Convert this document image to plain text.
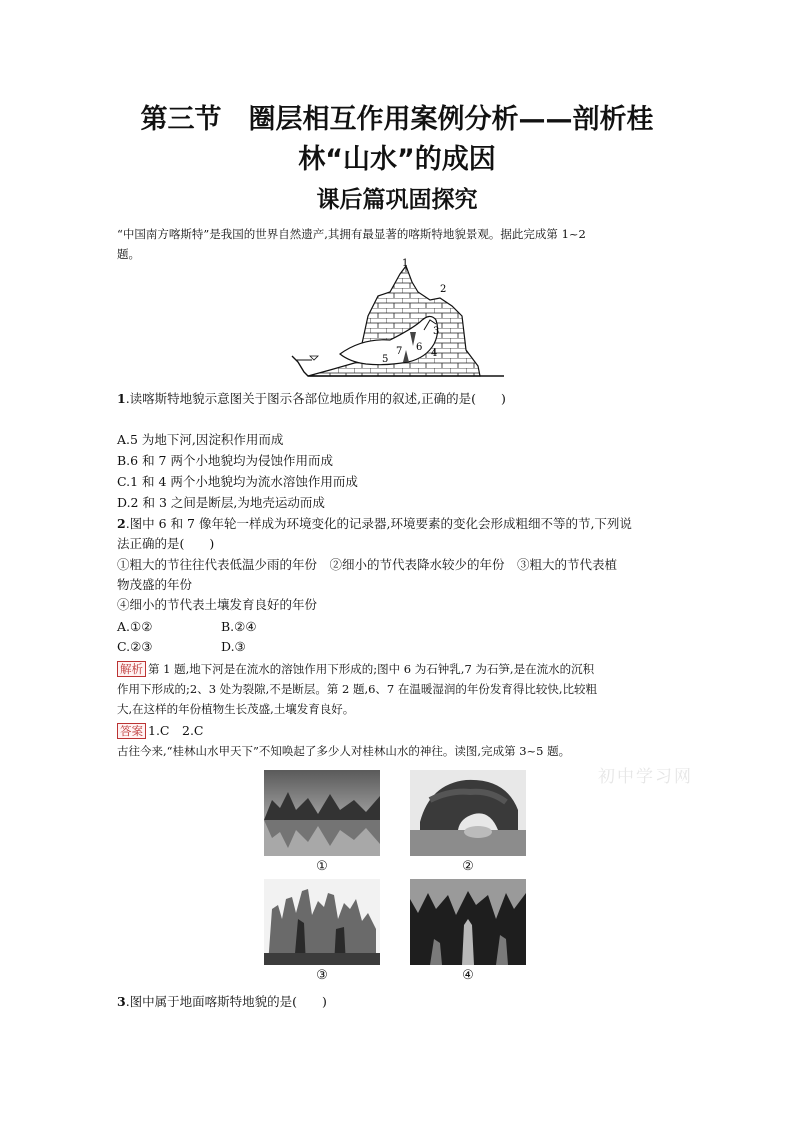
第三节　圈层相互作用案例分析——剖析桂
林“山水”的成因
课后篇巩固探究

“中国南方喀斯特”是我国的世界自然遗产,其拥有最显著的喀斯特地貌景观。据此完成第 1~2
题。

1
2
3
4
5
6
7

1.读喀斯特地貌示意图关于图示各部位地质作用的叙述,正确的是(　　)

A.5 为地下河,因淀积作用而成

B.6 和 7 两个小地貌均为侵蚀作用而成

C.1 和 4 两个小地貌均为流水溶蚀作用而成

D.2 和 3 之间是断层,为地壳运动而成

2.图中 6 和 7 像年轮一样成为环境变化的记录器,环境要素的变化会形成粗细不等的节,下列说
法正确的是(　　)

①粗大的节往往代表低温少雨的年份　②细小的节代表降水较少的年份　③粗大的节代表植
物茂盛的年份
④细小的节代表土壤发育良好的年份

A.①②	B.②④

C.②③	D.③

解析 第 1 题,地下河是在流水的溶蚀作用下形成的;图中 6 为石钟乳,7 为石笋,是在流水的沉积
作用下形成的;2、3 处为裂隙,不是断层。第 2 题,6、7 在温暖湿润的年份发育得比较快,比较粗
大,在这样的年份植物生长茂盛,土壤发育良好。

答案 1.C　2.C

古往今来,“桂林山水甲天下”不知唤起了多少人对桂林山水的神往。读图,完成第 3~5 题。

初中学习网
①	②
③	④

3.图中属于地面喀斯特地貌的是(　　)
